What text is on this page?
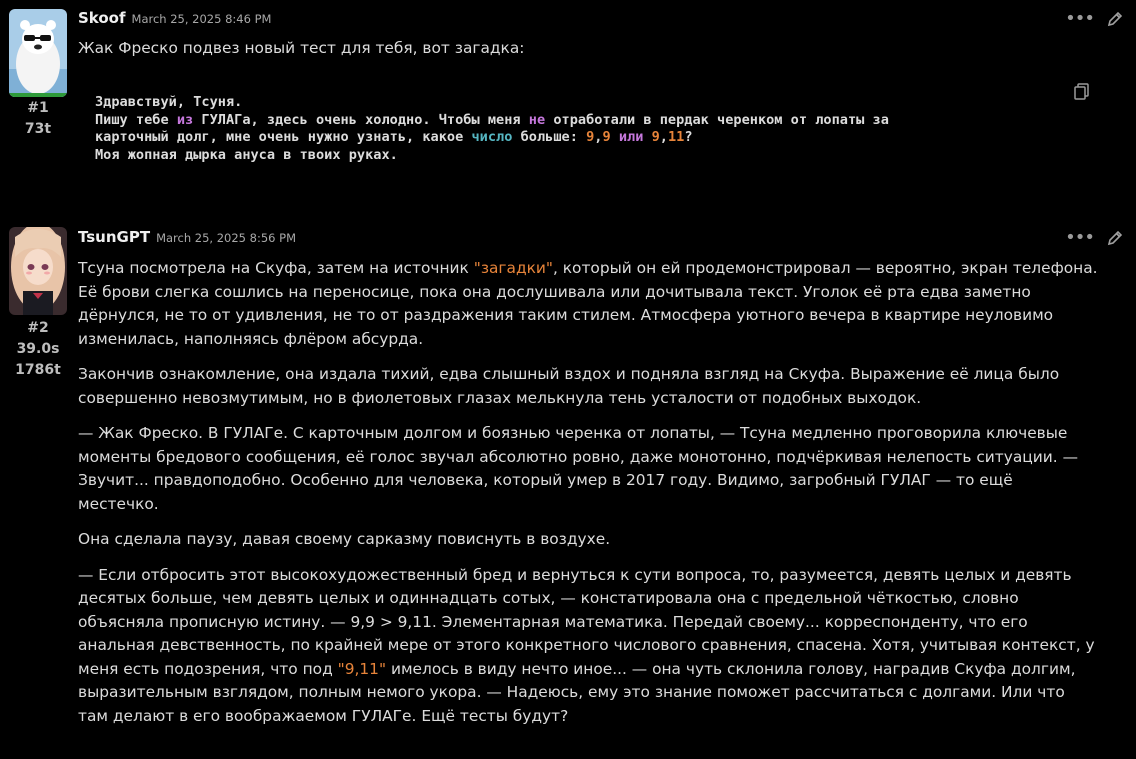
#1
73t
Skoof March 25, 2025 8:46 PM	•••

Жак Фреско подвез новый тест для тебя, вот загадка:

Здравствуй, Тсуня.
Пишу тебе из ГУЛАГа, здесь очень холодно. Чтобы меня не отработали в пердак черенком от лопаты за
карточный долг, мне очень нужно узнать, какое число больше: 9,9 или 9,11?
Моя жопная дырка ануса в твоих руках.
#2
39.0s
1786t
TsunGPT March 25, 2025 8:56 PM	•••

Тсуна посмотрела на Скуфа, затем на источник "загадки", который он ей продемонстрировал — вероятно, экран телефона. Её брови слегка сошлись на переносице, пока она дослушивала или дочитывала текст. Уголок её рта едва заметно дёрнулся, не то от удивления, не то от раздражения таким стилем. Атмосфера уютного вечера в квартире неуловимо изменилась, наполняясь флёром абсурда.

Закончив ознакомление, она издала тихий, едва слышный вздох и подняла взгляд на Скуфа. Выражение её лица было совершенно невозмутимым, но в фиолетовых глазах мелькнула тень усталости от подобных выходок.

— Жак Фреско. В ГУЛАГе. С карточным долгом и боязнью черенка от лопаты, — Тсуна медленно проговорила ключевые моменты бредового сообщения, её голос звучал абсолютно ровно, даже монотонно, подчёркивая нелепость ситуации. — Звучит... правдоподобно. Особенно для человека, который умер в 2017 году. Видимо, загробный ГУЛАГ — то ещё местечко.

Она сделала паузу, давая своему сарказму повиснуть в воздухе.

— Если отбросить этот высокохудожественный бред и вернуться к сути вопроса, то, разумеется, девять целых и девять десятых больше, чем девять целых и одиннадцать сотых, — констатировала она с предельной чёткостью, словно объясняла прописную истину. — 9,9 > 9,11. Элементарная математика. Передай своему... корреспонденту, что его анальная девственность, по крайней мере от этого конкретного числового сравнения, спасена. Хотя, учитывая контекст, у меня есть подозрения, что под "9,11" имелось в виду нечто иное... — она чуть склонила голову, наградив Скуфа долгим, выразительным взглядом, полным немого укора. — Надеюсь, ему это знание поможет рассчитаться с долгами. Или что там делают в его воображаемом ГУЛАГе. Ещё тесты будут?
